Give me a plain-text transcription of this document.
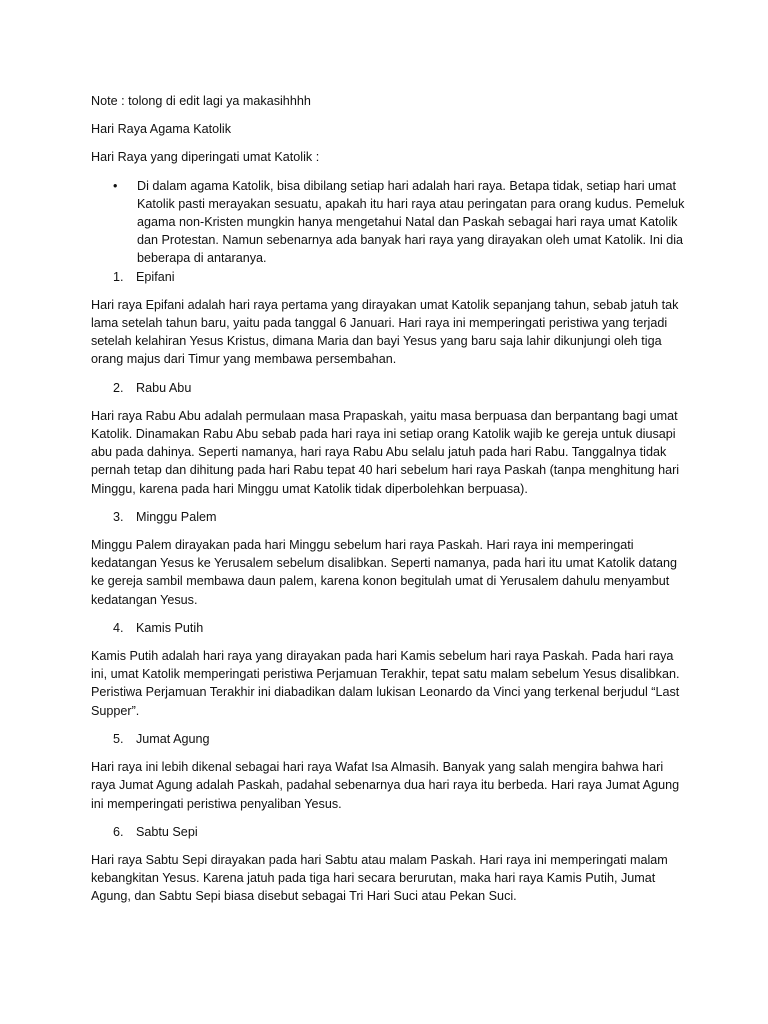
Note : tolong di edit lagi ya makasihhhh

Hari Raya Agama Katolik

Hari Raya yang diperingati umat Katolik :

• Di dalam agama Katolik, bisa dibilang setiap hari adalah hari raya. Betapa tidak, setiap hari umat Katolik pasti merayakan sesuatu, apakah itu hari raya atau peringatan para orang kudus. Pemeluk agama non-Kristen mungkin hanya mengetahui Natal dan Paskah sebagai hari raya umat Katolik dan Protestan. Namun sebenarnya ada banyak hari raya yang dirayakan oleh umat Katolik. Ini dia beberapa di antaranya.
1. Epifani

Hari raya Epifani adalah hari raya pertama yang dirayakan umat Katolik sepanjang tahun, sebab jatuh tak lama setelah tahun baru, yaitu pada tanggal 6 Januari. Hari raya ini memperingati peristiwa yang terjadi setelah kelahiran Yesus Kristus, dimana Maria dan bayi Yesus yang baru saja lahir dikunjungi oleh tiga orang majus dari Timur yang membawa persembahan.

2. Rabu Abu

Hari raya Rabu Abu adalah permulaan masa Prapaskah, yaitu masa berpuasa dan berpantang bagi umat Katolik. Dinamakan Rabu Abu sebab pada hari raya ini setiap orang Katolik wajib ke gereja untuk diusapi abu pada dahinya. Seperti namanya, hari raya Rabu Abu selalu jatuh pada hari Rabu. Tanggalnya tidak pernah tetap dan dihitung pada hari Rabu tepat 40 hari sebelum hari raya Paskah (tanpa menghitung hari Minggu, karena pada hari Minggu umat Katolik tidak diperbolehkan berpuasa).

3. Minggu Palem

Minggu Palem dirayakan pada hari Minggu sebelum hari raya Paskah. Hari raya ini memperingati kedatangan Yesus ke Yerusalem sebelum disalibkan. Seperti namanya, pada hari itu umat Katolik datang ke gereja sambil membawa daun palem, karena konon begitulah umat di Yerusalem dahulu menyambut kedatangan Yesus.

4. Kamis Putih

Kamis Putih adalah hari raya yang dirayakan pada hari Kamis sebelum hari raya Paskah. Pada hari raya ini, umat Katolik memperingati peristiwa Perjamuan Terakhir, tepat satu malam sebelum Yesus disalibkan. Peristiwa Perjamuan Terakhir ini diabadikan dalam lukisan Leonardo da Vinci yang terkenal berjudul “Last Supper”.

5. Jumat Agung

Hari raya ini lebih dikenal sebagai hari raya Wafat Isa Almasih. Banyak yang salah mengira bahwa hari raya Jumat Agung adalah Paskah, padahal sebenarnya dua hari raya itu berbeda. Hari raya Jumat Agung ini memperingati peristiwa penyaliban Yesus.

6. Sabtu Sepi

Hari raya Sabtu Sepi dirayakan pada hari Sabtu atau malam Paskah. Hari raya ini memperingati malam kebangkitan Yesus. Karena jatuh pada tiga hari secara berurutan, maka hari raya Kamis Putih, Jumat Agung, dan Sabtu Sepi biasa disebut sebagai Tri Hari Suci atau Pekan Suci.
